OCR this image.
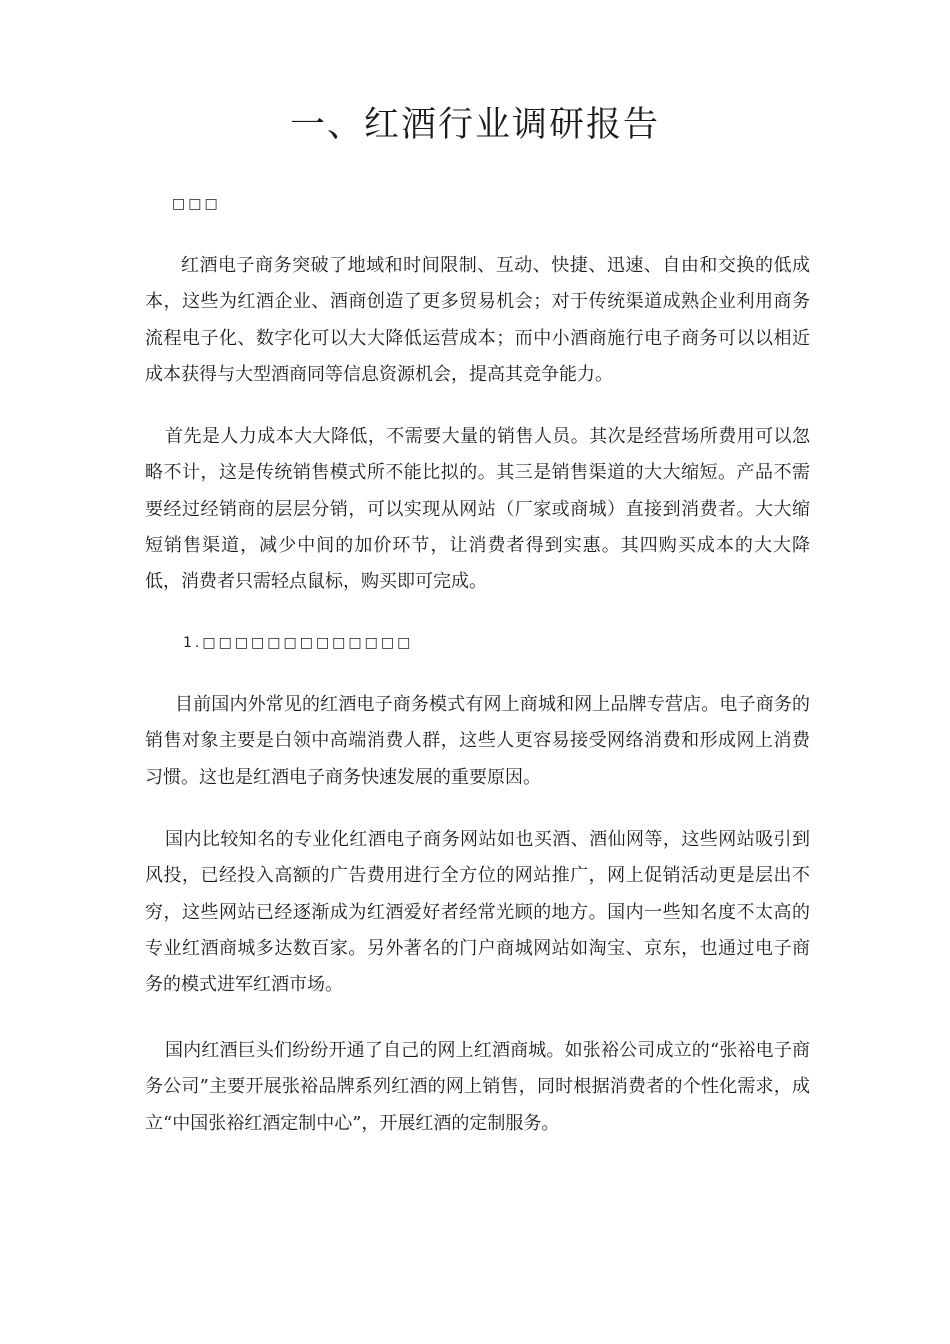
一、红酒行业调研报告
□□□

红酒电子商务突破了地域和时间限制、互动、快捷、迅速、自由和交换的低成本，这些为红酒企业、酒商创造了更多贸易机会；对于传统渠道成熟企业利用商务流程电子化、数字化可以大大降低运营成本；而中小酒商施行电子商务可以以相近成本获得与大型酒商同等信息资源机会，提高其竞争能力。

首先是人力成本大大降低，不需要大量的销售人员。其次是经营场所费用可以忽略不计，这是传统销售模式所不能比拟的。其三是销售渠道的大大缩短。产品不需要经过经销商的层层分销，可以实现从网站（厂家或商城）直接到消费者。大大缩短销售渠道，减少中间的加价环节，让消费者得到实惠。其四购买成本的大大降低，消费者只需轻点鼠标，购买即可完成。

1.□□□□□□□□□□□□□

目前国内外常见的红酒电子商务模式有网上商城和网上品牌专营店。电子商务的销售对象主要是白领中高端消费人群，这些人更容易接受网络消费和形成网上消费习惯。这也是红酒电子商务快速发展的重要原因。

国内比较知名的专业化红酒电子商务网站如也买酒、酒仙网等，这些网站吸引到风投，已经投入高额的广告费用进行全方位的网站推广，网上促销活动更是层出不穷，这些网站已经逐渐成为红酒爱好者经常光顾的地方。国内一些知名度不太高的专业红酒商城多达数百家。另外著名的门户商城网站如淘宝、京东，也通过电子商务的模式进军红酒市场。

国内红酒巨头们纷纷开通了自己的网上红酒商城。如张裕公司成立的“张裕电子商务公司”主要开展张裕品牌系列红酒的网上销售，同时根据消费者的个性化需求，成立“中国张裕红酒定制中心”，开展红酒的定制服务。
